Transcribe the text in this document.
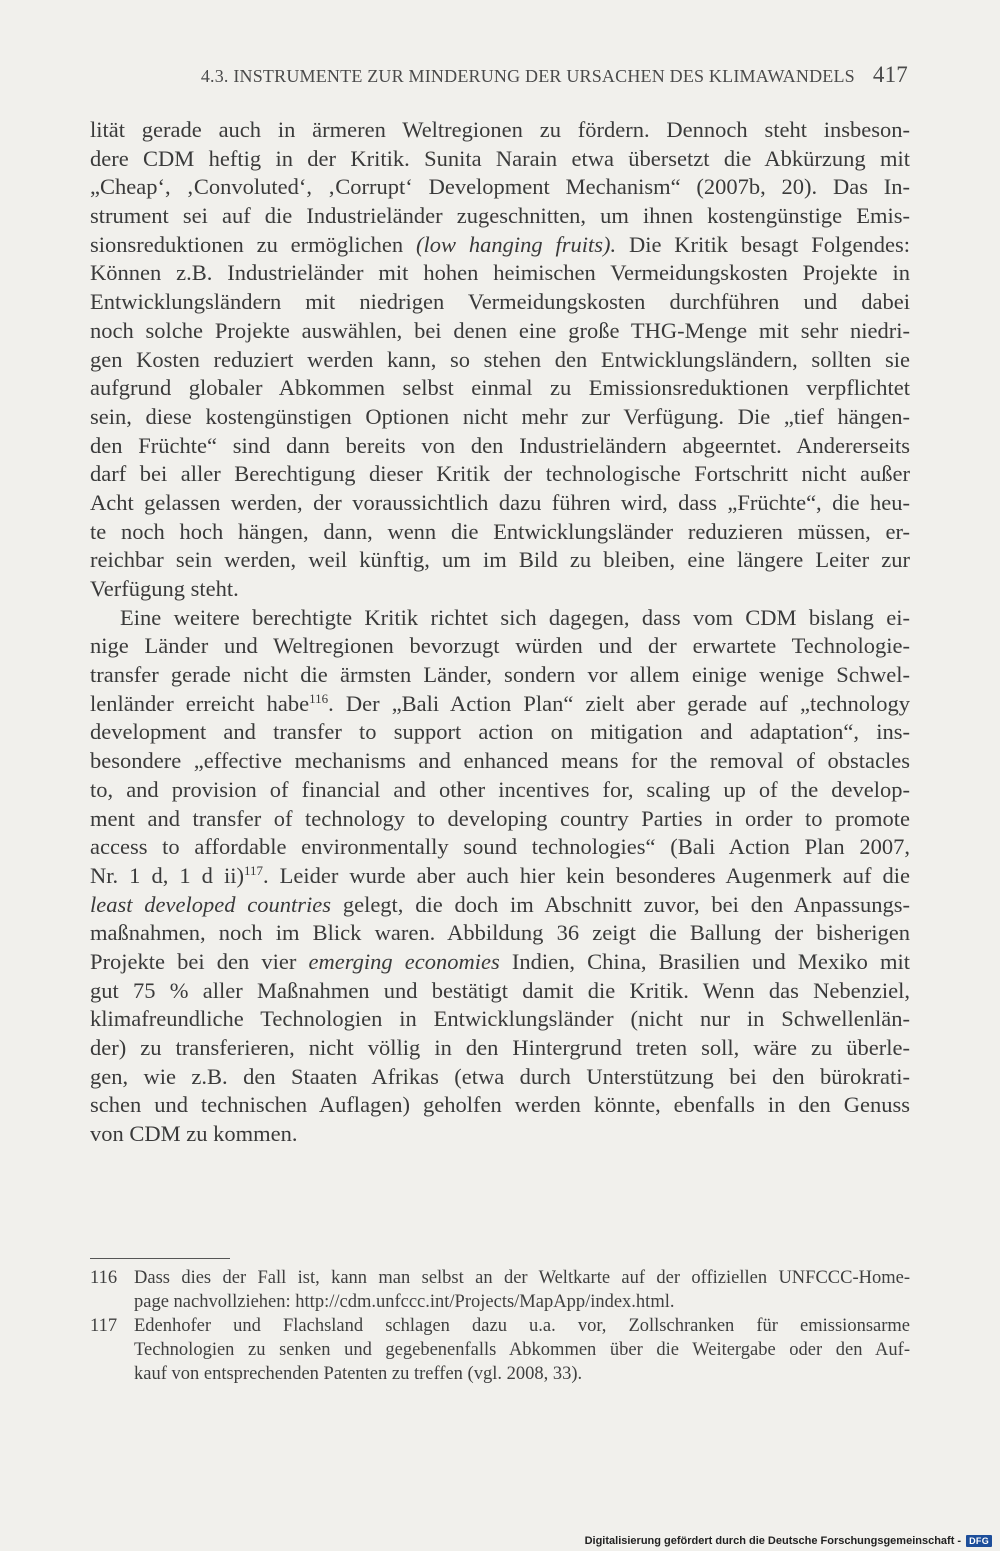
4.3. INSTRUMENTE ZUR MINDERUNG DER URSACHEN DES KLIMAWANDELS 417
lität gerade auch in ärmeren Weltregionen zu fördern. Dennoch steht insbeson-
dere CDM heftig in der Kritik. Sunita Narain etwa übersetzt die Abkürzung mit
„Cheap‘, ‚Convoluted‘, ‚Corrupt‘ Development Mechanism“ (2007b, 20). Das In-
strument sei auf die Industrieländer zugeschnitten, um ihnen kostengünstige Emis-
sionsreduktionen zu ermöglichen (low hanging fruits). Die Kritik besagt Folgendes:
Können z.B. Industrieländer mit hohen heimischen Vermeidungskosten Projekte in
Entwicklungsländern mit niedrigen Vermeidungskosten durchführen und dabei
noch solche Projekte auswählen, bei denen eine große THG-Menge mit sehr niedri-
gen Kosten reduziert werden kann, so stehen den Entwicklungsländern, sollten sie
aufgrund globaler Abkommen selbst einmal zu Emissionsreduktionen verpflichtet
sein, diese kostengünstigen Optionen nicht mehr zur Verfügung. Die „tief hängen-
den Früchte“ sind dann bereits von den Industrieländern abgeerntet. Andererseits
darf bei aller Berechtigung dieser Kritik der technologische Fortschritt nicht außer
Acht gelassen werden, der voraussichtlich dazu führen wird, dass „Früchte“, die heu-
te noch hoch hängen, dann, wenn die Entwicklungsländer reduzieren müssen, er-
reichbar sein werden, weil künftig, um im Bild zu bleiben, eine längere Leiter zur
Verfügung steht.
Eine weitere berechtigte Kritik richtet sich dagegen, dass vom CDM bislang ei-
nige Länder und Weltregionen bevorzugt würden und der erwartete Technologie-
transfer gerade nicht die ärmsten Länder, sondern vor allem einige wenige Schwel-
lenländer erreicht habe$^{116}$. Der „Bali Action Plan“ zielt aber gerade auf „technology
development and transfer to support action on mitigation and adaptation“, ins-
besondere „effective mechanisms and enhanced means for the removal of obstacles
to, and provision of financial and other incentives for, scaling up of the develop-
ment and transfer of technology to developing country Parties in order to promote
access to affordable environmentally sound technologies“ (Bali Action Plan 2007,
Nr. 1 d, 1 d ii)$^{117}$. Leider wurde aber auch hier kein besonderes Augenmerk auf die
least developed countries gelegt, die doch im Abschnitt zuvor, bei den Anpassungs-
maßnahmen, noch im Blick waren. Abbildung 36 zeigt die Ballung der bisherigen
Projekte bei den vier emerging economies Indien, China, Brasilien und Mexiko mit
gut 75 % aller Maßnahmen und bestätigt damit die Kritik. Wenn das Nebenziel,
klimafreundliche Technologien in Entwicklungsländer (nicht nur in Schwellenlän-
der) zu transferieren, nicht völlig in den Hintergrund treten soll, wäre zu überle-
gen, wie z.B. den Staaten Afrikas (etwa durch Unterstützung bei den bürokrati-
schen und technischen Auflagen) geholfen werden könnte, ebenfalls in den Genuss
von CDM zu kommen.
116 Dass dies der Fall ist, kann man selbst an der Weltkarte auf der offiziellen UNFCCC-Home-
page nachvollziehen: http://cdm.unfccc.int/Projects/MapApp/index.html.
117 Edenhofer und Flachsland schlagen dazu u.a. vor, Zollschranken für emissionsarme
Technologien zu senken und gegebenenfalls Abkommen über die Weitergabe oder den Auf-
kauf von entsprechenden Patenten zu treffen (vgl. 2008, 33).
Digitalisierung gefördert durch die Deutsche Forschungsgemeinschaft - DFG
